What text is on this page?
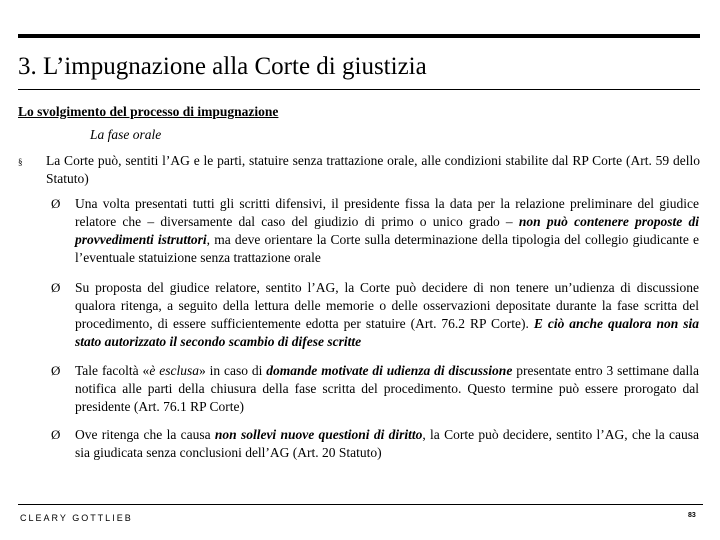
3. L’impugnazione alla Corte di giustizia
Lo svolgimento del processo di impugnazione
La fase orale
§ La Corte può, sentiti l’AG e le parti, statuire senza trattazione orale, alle condizioni stabilite dal RP Corte (Art. 59 dello Statuto)
Ø Una volta presentati tutti gli scritti difensivi, il presidente fissa la data per la relazione preliminare del giudice relatore che – diversamente dal caso del giudizio di primo o unico grado – non può contenere proposte di provvedimenti istruttori, ma deve orientare la Corte sulla determinazione della tipologia del collegio giudicante e l’eventuale statuizione senza trattazione orale
Ø Su proposta del giudice relatore, sentito l’AG, la Corte può decidere di non tenere un’udienza di discussione qualora ritenga, a seguito della lettura delle memorie o delle osservazioni depositate durante la fase scritta del procedimento, di essere sufficientemente edotta per statuire (Art. 76.2 RP Corte). E ciò anche qualora non sia stato autorizzato il secondo scambio di difese scritte
Ø Tale facoltà «è esclusa» in caso di domande motivate di udienza di discussione presentate entro 3 settimane dalla notifica alle parti della chiusura della fase scritta del procedimento. Questo termine può essere prorogato dal presidente (Art. 76.1 RP Corte)
Ø Ove ritenga che la causa non sollevi nuove questioni di diritto, la Corte può decidere, sentito l’AG, che la causa sia giudicata senza conclusioni dell’AG (Art. 20 Statuto)
CLEARY GOTTLIEB	83
